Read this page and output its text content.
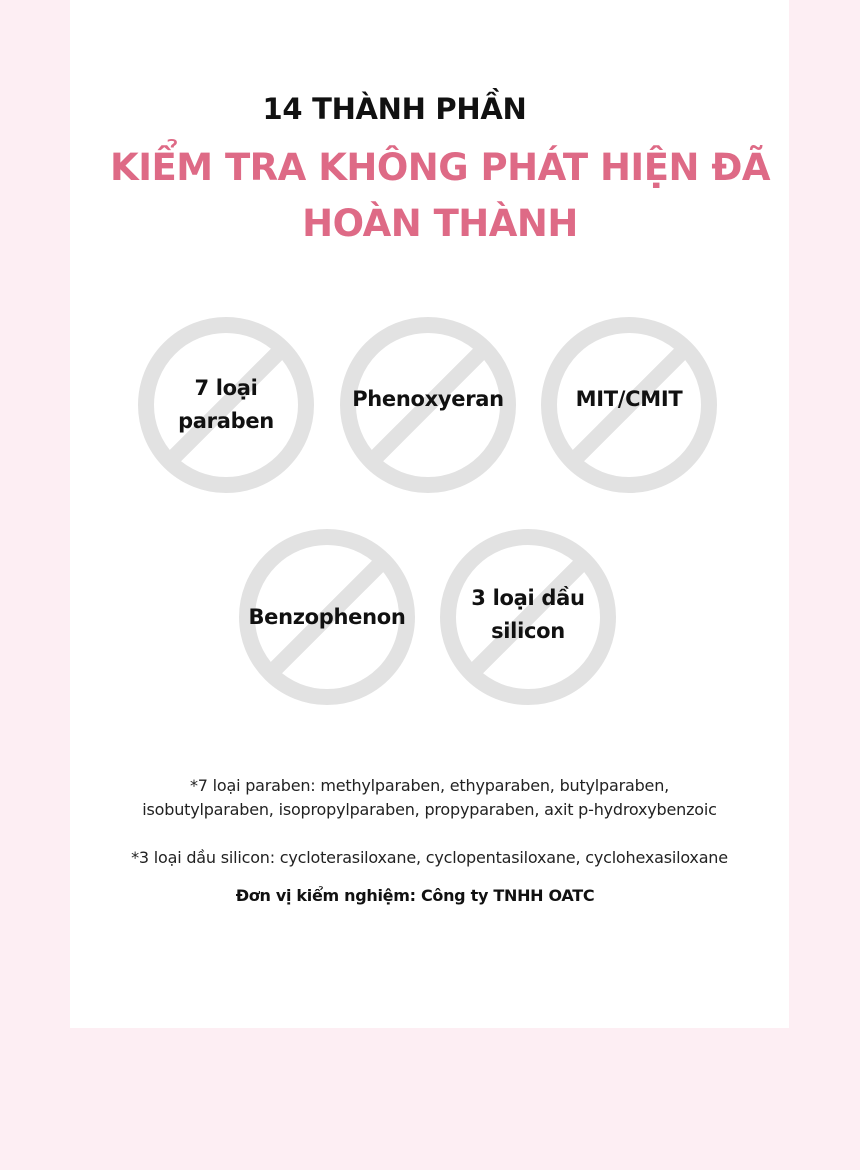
14 THÀNH PHẦN
KIỂM TRA KHÔNG PHÁT HIỆN ĐÃ HOÀN THÀNH
7 loại paraben
Phenoxyeran	MIT/CMIT
Benzophenon
3 loại dầu silicon
*7 loại paraben: methylparaben, ethyparaben, butylparaben,
isobutylparaben, isopropylparaben, propyparaben, axit p-hydroxybenzoic
*3 loại dầu silicon: cycloterasiloxane, cyclopentasiloxane, cyclohexasiloxane
Đơn vị kiểm nghiệm: Công ty TNHH OATC
